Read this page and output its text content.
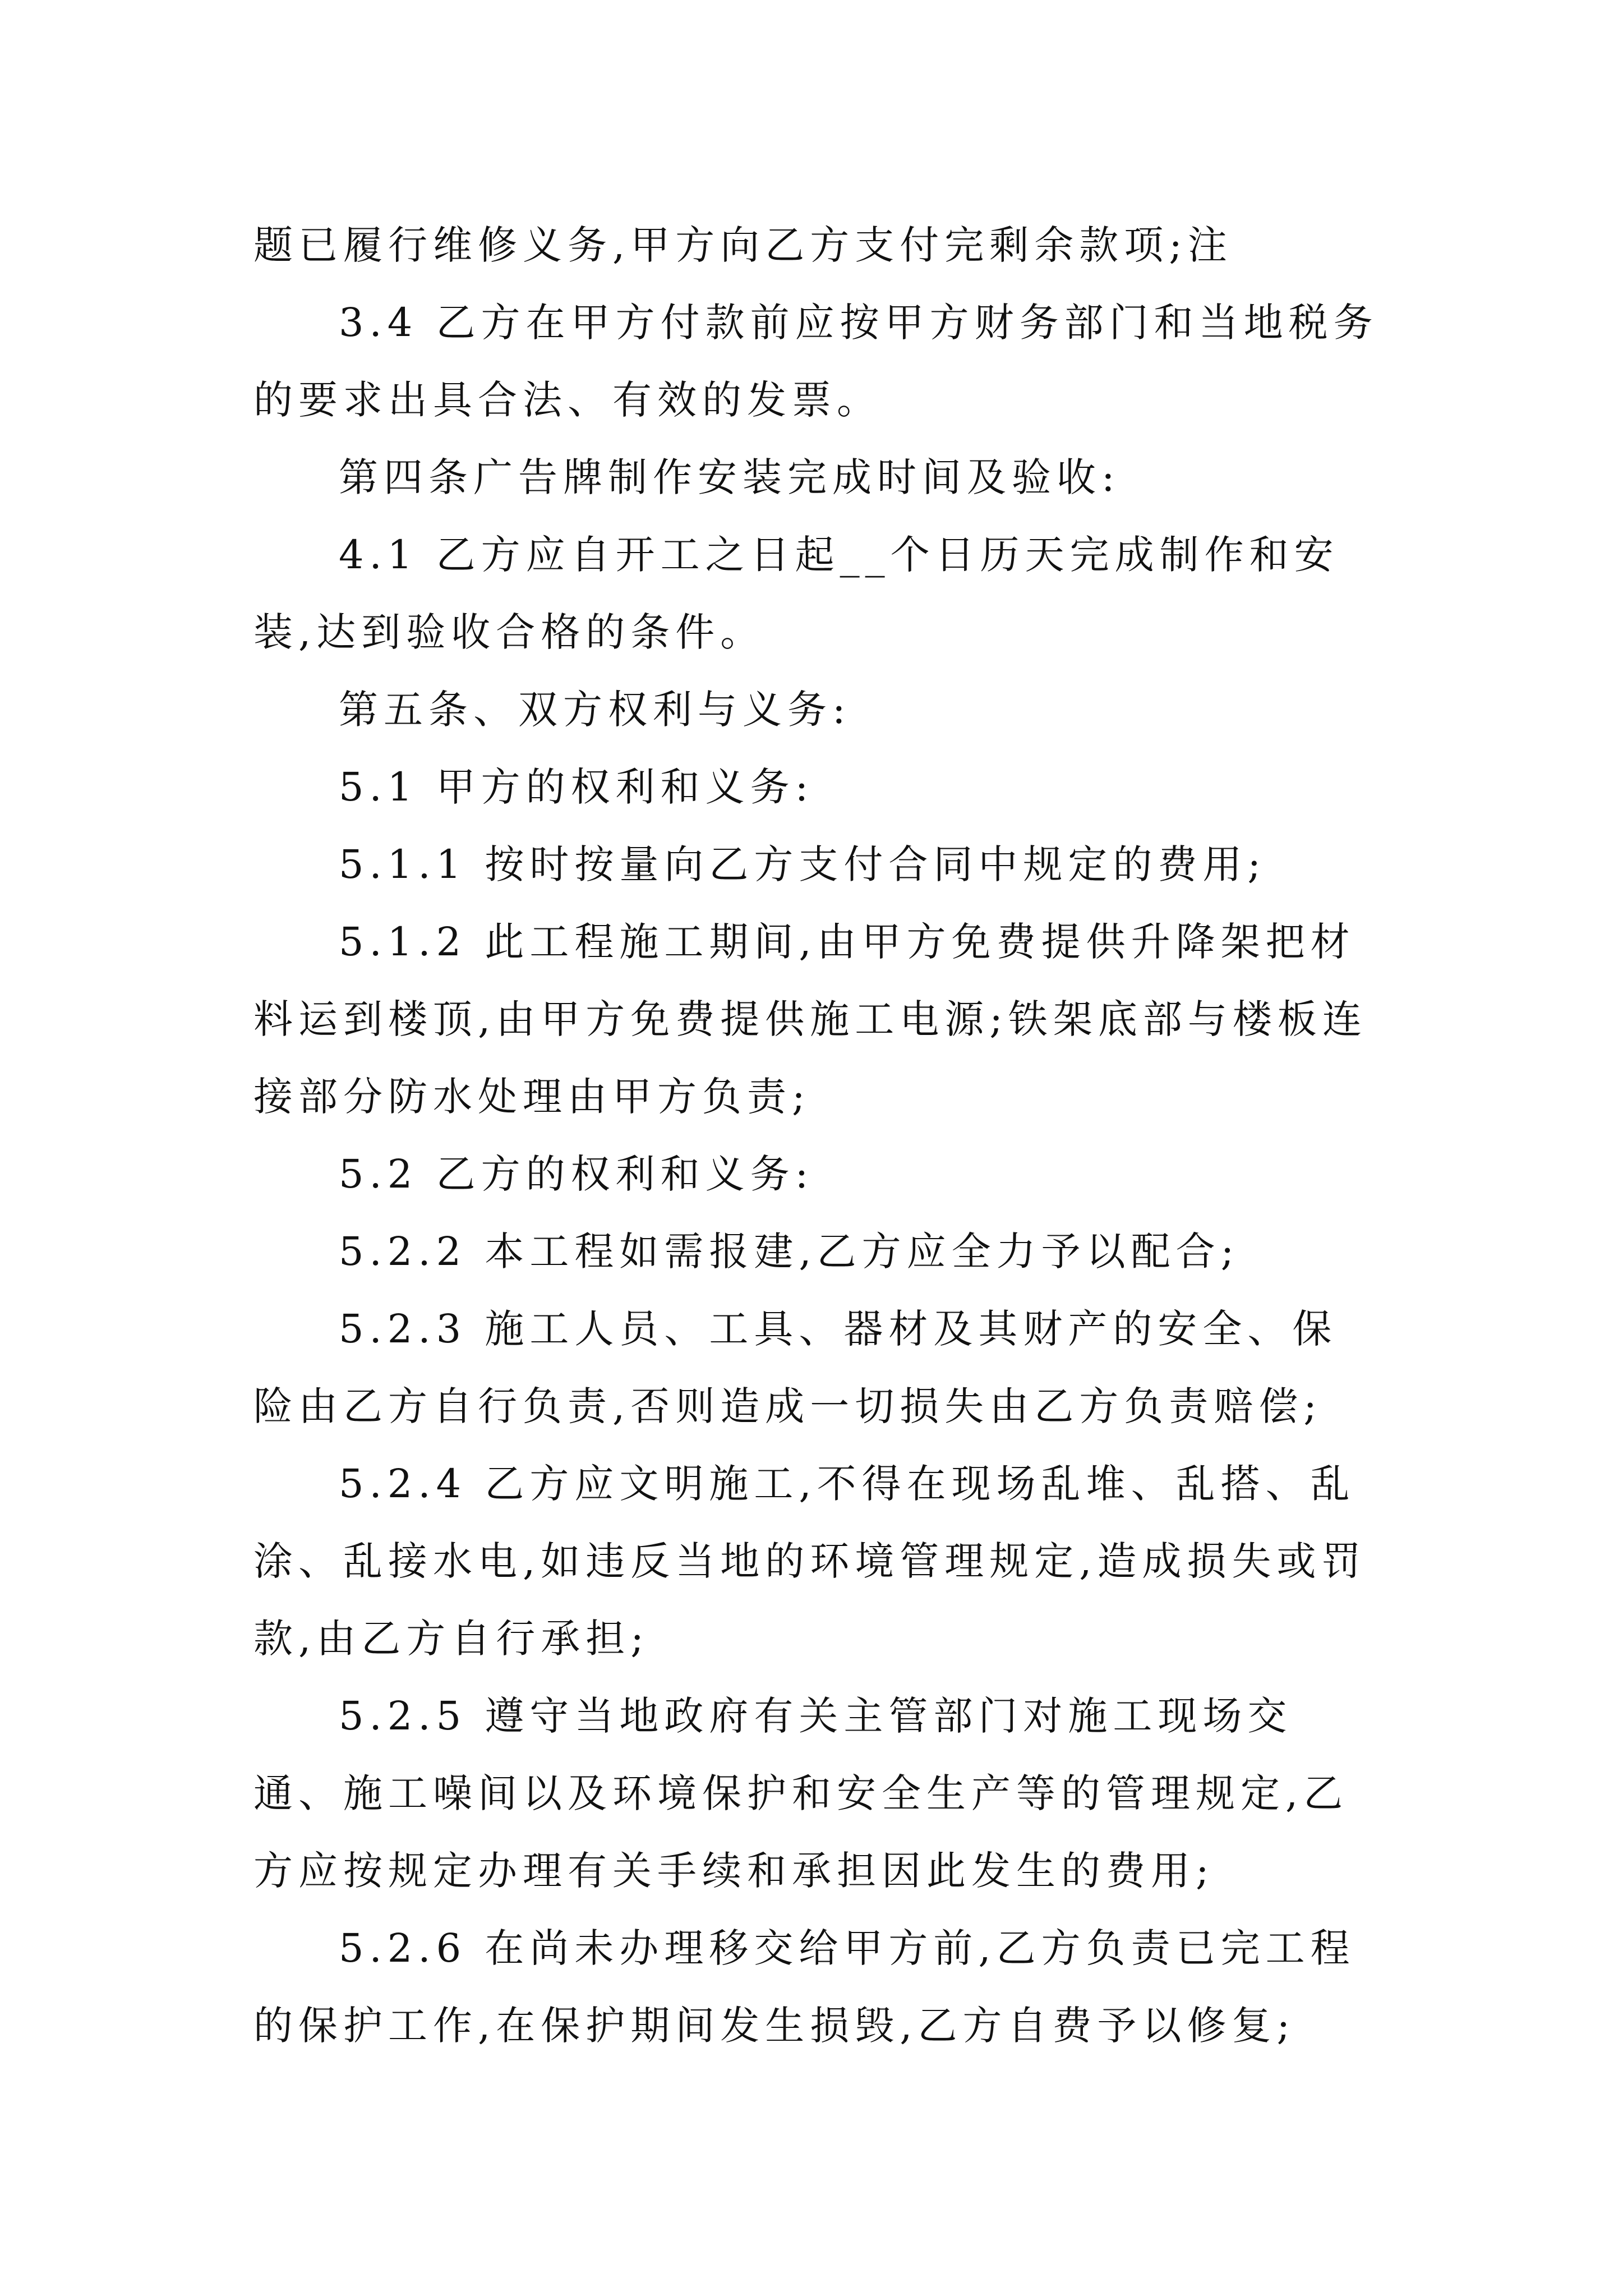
题已履行维修义务,甲方向乙方支付完剩余款项;注

3.4 乙方在甲方付款前应按甲方财务部门和当地税务的要求出具合法、有效的发票。

第四条广告牌制作安装完成时间及验收:

4.1 乙方应自开工之日起__个日历天完成制作和安装,达到验收合格的条件。

第五条、双方权利与义务:

5.1 甲方的权利和义务:

5.1.1 按时按量向乙方支付合同中规定的费用;

5.1.2 此工程施工期间,由甲方免费提供升降架把材料运到楼顶,由甲方免费提供施工电源;铁架底部与楼板连接部分防水处理由甲方负责;

5.2 乙方的权利和义务:

5.2.2 本工程如需报建,乙方应全力予以配合;

5.2.3 施工人员、工具、器材及其财产的安全、保险由乙方自行负责,否则造成一切损失由乙方负责赔偿;

5.2.4 乙方应文明施工,不得在现场乱堆、乱搭、乱涂、乱接水电,如违反当地的环境管理规定,造成损失或罚款,由乙方自行承担;

5.2.5 遵守当地政府有关主管部门对施工现场交通、施工噪间以及环境保护和安全生产等的管理规定,乙方应按规定办理有关手续和承担因此发生的费用;

5.2.6 在尚未办理移交给甲方前,乙方负责已完工程的保护工作,在保护期间发生损毁,乙方自费予以修复;
